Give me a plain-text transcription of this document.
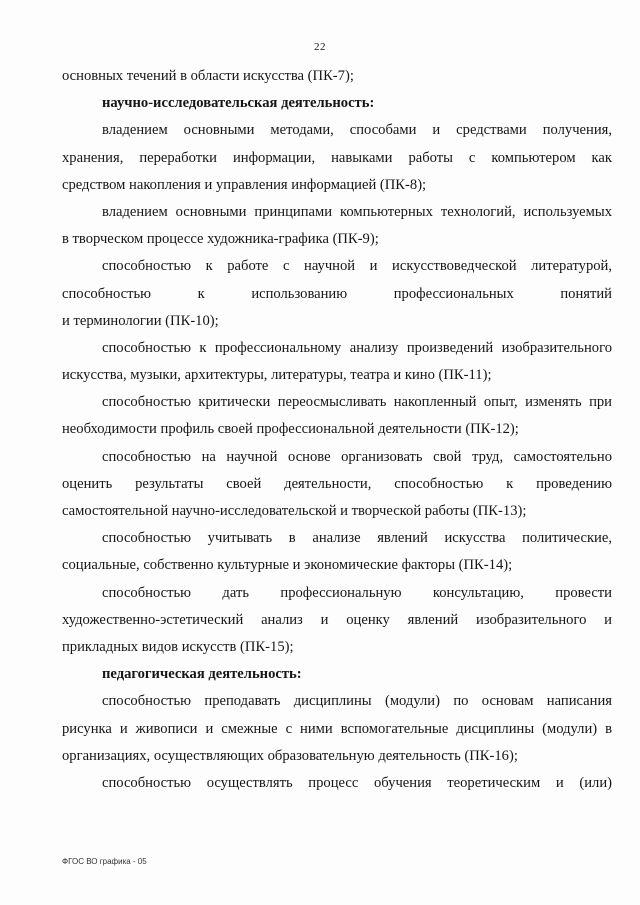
22
основных течений в области искусства (ПК-7);
научно-исследовательская деятельность:
владением основными методами, способами и средствами получения,
хранения, переработки информации, навыками работы с компьютером как
средством накопления и управления информацией (ПК-8);
владением основными принципами компьютерных технологий, используемых
в творческом процессе художника-графика (ПК-9);
способностью к работе с научной и искусствоведческой литературой,
способностью к использованию профессиональных понятий
и терминологии (ПК-10);
способностью к профессиональному анализу произведений изобразительного
искусства, музыки, архитектуры, литературы, театра и кино (ПК-11);
способностью критически переосмысливать накопленный опыт, изменять при
необходимости профиль своей профессиональной деятельности (ПК-12);
способностью на научной основе организовать свой труд, самостоятельно
оценить результаты своей деятельности, способностью к проведению
самостоятельной научно-исследовательской и творческой работы (ПК-13);
способностью учитывать в анализе явлений искусства политические,
социальные, собственно культурные и экономические факторы (ПК-14);
способностью дать профессиональную консультацию, провести
художественно-эстетический анализ и оценку явлений изобразительного и
прикладных видов искусств (ПК-15);
педагогическая деятельность:
способностью преподавать дисциплины (модули) по основам написания
рисунка и живописи и смежные с ними вспомогательные дисциплины (модули) в
организациях, осуществляющих образовательную деятельность (ПК-16);
способностью осуществлять процесс обучения теоретическим и (или)
ФГОС ВО графика - 05
